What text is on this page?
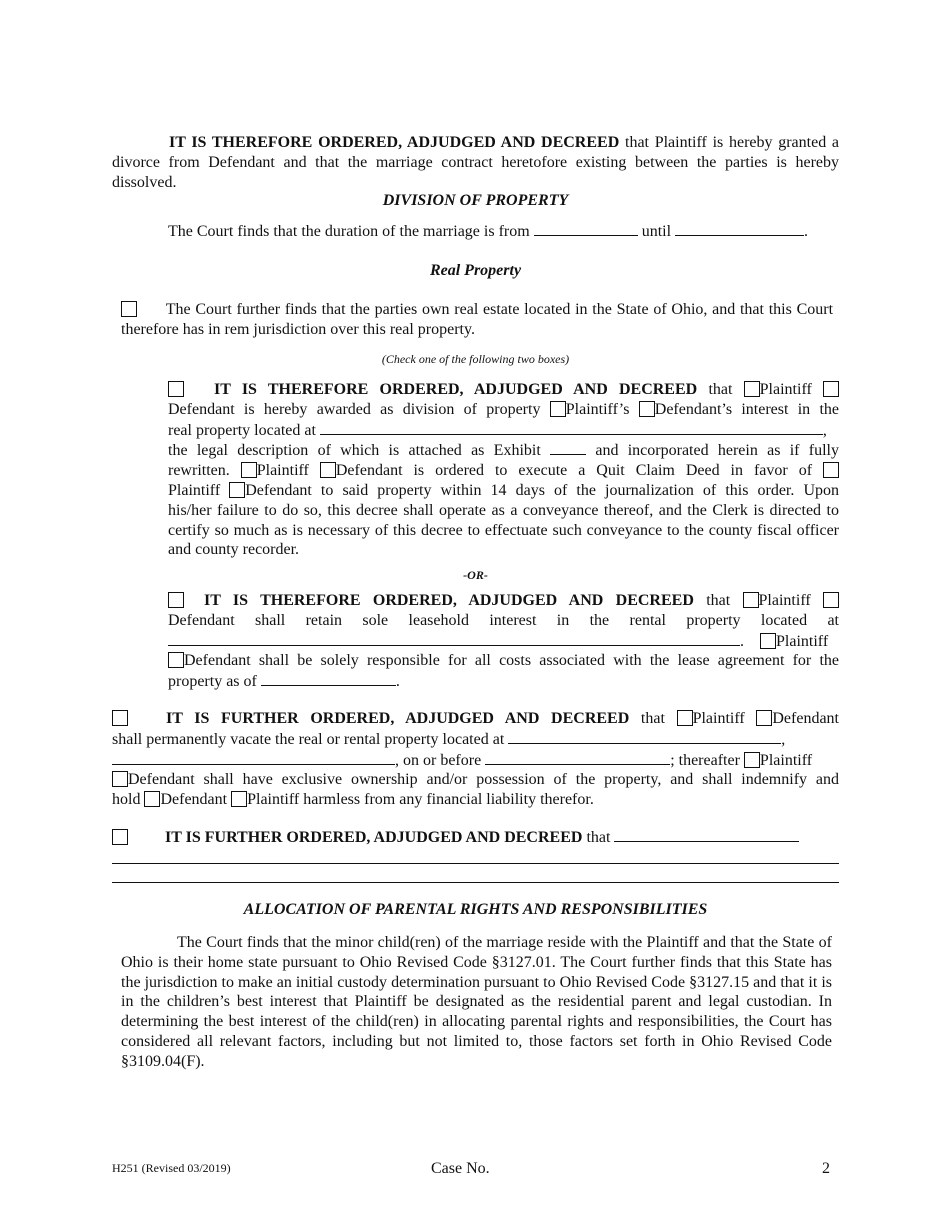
IT IS THEREFORE ORDERED, ADJUDGED AND DECREED that Plaintiff is hereby granted a divorce from Defendant and that the marriage contract heretofore existing between the parties is hereby dissolved.
DIVISION OF PROPERTY
The Court finds that the duration of the marriage is from	until	.
Real Property
The Court further finds that the parties own real estate located in the State of Ohio, and that this Court therefore has in rem jurisdiction over this real property.
(Check one of the following two boxes)
IT IS THEREFORE ORDERED, ADJUDGED AND DECREED that Plaintiff
Defendant is hereby awarded as division of property Plaintiff’s Defendant’s interest in the
real property located at	,
the legal description of which is attached as Exhibit	and incorporated herein as if fully
rewritten. Plaintiff Defendant is ordered to execute a Quit Claim Deed in favor of
Plaintiff Defendant to said property within 14 days of the journalization of this order. Upon
his/her failure to do so, this decree shall operate as a conveyance thereof, and the Clerk is directed to certify so much as is necessary of this decree to effectuate such conveyance to the county fiscal officer and county recorder.
-OR-
IT IS THEREFORE ORDERED, ADJUDGED AND DECREED that Plaintiff
Defendant shall retain sole leasehold interest in the rental property located at
. Plaintiff
Defendant shall be solely responsible for all costs associated with the lease agreement for the
property as of	.
IT IS FURTHER ORDERED, ADJUDGED AND DECREED that Plaintiff Defendant
shall permanently vacate the real or rental property located at	,
, on or before	; thereafter Plaintiff
Defendant shall have exclusive ownership and/or possession of the property, and shall indemnify and
hold Defendant Plaintiff harmless from any financial liability therefor.
IT IS FURTHER ORDERED, ADJUDGED AND DECREED that
ALLOCATION OF PARENTAL RIGHTS AND RESPONSIBILITIES
The Court finds that the minor child(ren) of the marriage reside with the Plaintiff and that the State of Ohio is their home state pursuant to Ohio Revised Code §3127.01. The Court further finds that this State has the jurisdiction to make an initial custody determination pursuant to Ohio Revised Code §3127.15 and that it is in the children’s best interest that Plaintiff be designated as the residential parent and legal custodian. In determining the best interest of the child(ren) in allocating parental rights and responsibilities, the Court has considered all relevant factors, including but not limited to, those factors set forth in Ohio Revised Code §3109.04(F).
H251 (Revised 03/2019)	Case No.	2
